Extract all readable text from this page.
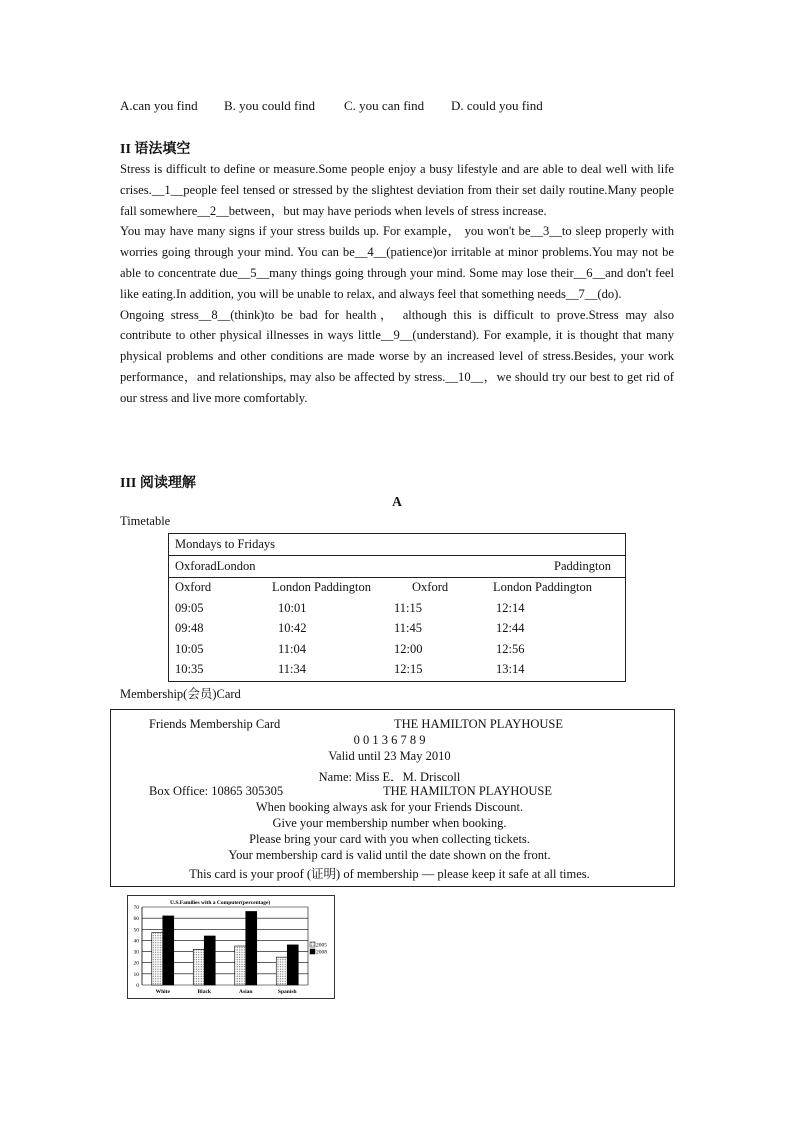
A.can you find B. you could find C. you can find D. could you find
II 语法填空

Stress is difficult to define or measure.Some people enjoy a busy lifestyle and are able to deal well with life crises.__1__people feel tensed or stressed by the slightest deviation from their set daily routine.Many people fall somewhere__2__between，but may have periods when levels of stress increase.

You may have many signs if your stress builds up. For example， you won't be__3__to sleep properly with worries going through your mind. You can be__4__(patience)or irritable at minor problems.You may not be able to concentrate due__5__many things going through your mind. Some may lose their__6__and don't feel like eating.In addition, you will be unable to relax, and always feel that something needs__7__(do).

Ongoing stress__8__(think)to be bad for health， although this is difficult to prove.Stress may also contribute to other physical illnesses in ways little__9__(understand). For example, it is thought that many physical problems and other conditions are made worse by an increased level of stress.Besides, your work performance，and relationships, may also be affected by stress.__10__，we should try our best to get rid of our stress and live more comfortably.

III 阅读理解
A
Timetable
Mondays to Fridays
OxforadLondon	Paddington
Oxford	London Paddington	Oxford	London Paddington
09:05	10:01	11:15	12:14
09:48	10:42	11:45	12:44
10:05	11:04	12:00	12:56
10:35	11:34	12:15	13:14
Membership(会员)Card
Friends Membership Card	THE HAMILTON PLAYHOUSE
0 0 1 3 6 7 8 9
Valid until 23 May 2010
Name: Miss E．M. Driscoll
Box Office: 10865 305305	THE HAMILTON PLAYHOUSE
When booking always ask for your Friends Discount.
Give your membership number when booking.
Please bring your card with you when collecting tickets.
Your membership card is valid until the date shown on the front.
This card is your proof (证明) of membership — please keep it safe at all times.
U.S.Families with a Computer(percentage)
0
10
20
30
40
50
60
70
White	Black	Asian	Spanish
2005
2008
